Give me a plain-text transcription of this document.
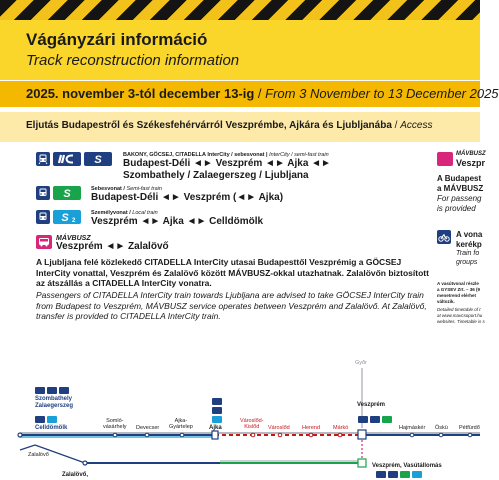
Vágányzári információ
Track reconstruction information
2025. november 3-tól december 13-ig / From 3 November to 13 December 2025
Eljutás Budapestről és Székesfehérvárról Veszprémbe, Ajkára és Ljubljanába / Access
S	BAKONY, GÖCSEJ, CITADELLA InterCity / sebesvonat | InterCity / semi-fast train
Budapest-Déli ◄► Veszprém ◄► Ajka ◄►
Szombathely / Zalaegerszeg / Ljubljana
S	Sebesvonat / Semi-fast train
Budapest-Déli ◄► Veszprém (◄► Ajka)
S 2
Személyvonat / Local train
Veszprém ◄► Ajka ◄► Celldömölk
MÁVBUSZ
Veszprém ◄► Zalalövő
A Ljubljana felé közlekedő CITADELLA InterCity utasai Budapesttől Veszprémig a GÖCSEJ InterCity vonattal, Veszprém és Zalalövő között MÁVBUSZ-okkal utazhatnak. Zalalövőn biztosított az átszállás a CITADELLA InterCity vonatra.
Passengers of CITADELLA InterCity train towards Ljubljana are advised to take GÖCSEJ InterCity train from Budapest to Veszprém, MÁVBUSZ service operates between Veszprém and Zalalövő. At Zalalövő, transfer is provided to CITADELLA InterCity train.
MÁVBUSZ
Veszpr
A Budapest
a MÁVBUSZ
For passeng
is provided
A vona
kerékp
Train fo
groups
A vasútvonal részle
a GYSEV Zrt. – 36 (9
menetrend elérhet
változik.
Detailed timetable of t
at www.mavcsoport.hu
websites. Timetable is s
Győr
Szombathely
Zalaegerszeg
Celldömölk
Somló-
vásárhely Devecser
Ajka-
Gyártelep	Ajka
Városlőd-
Kislőd	Városlőd Herend Márkó
Veszprém
Hajmáskér Öskü Pétfürdő
Zalalövő
Zalalövő,
Veszprém, Vasútállomás
